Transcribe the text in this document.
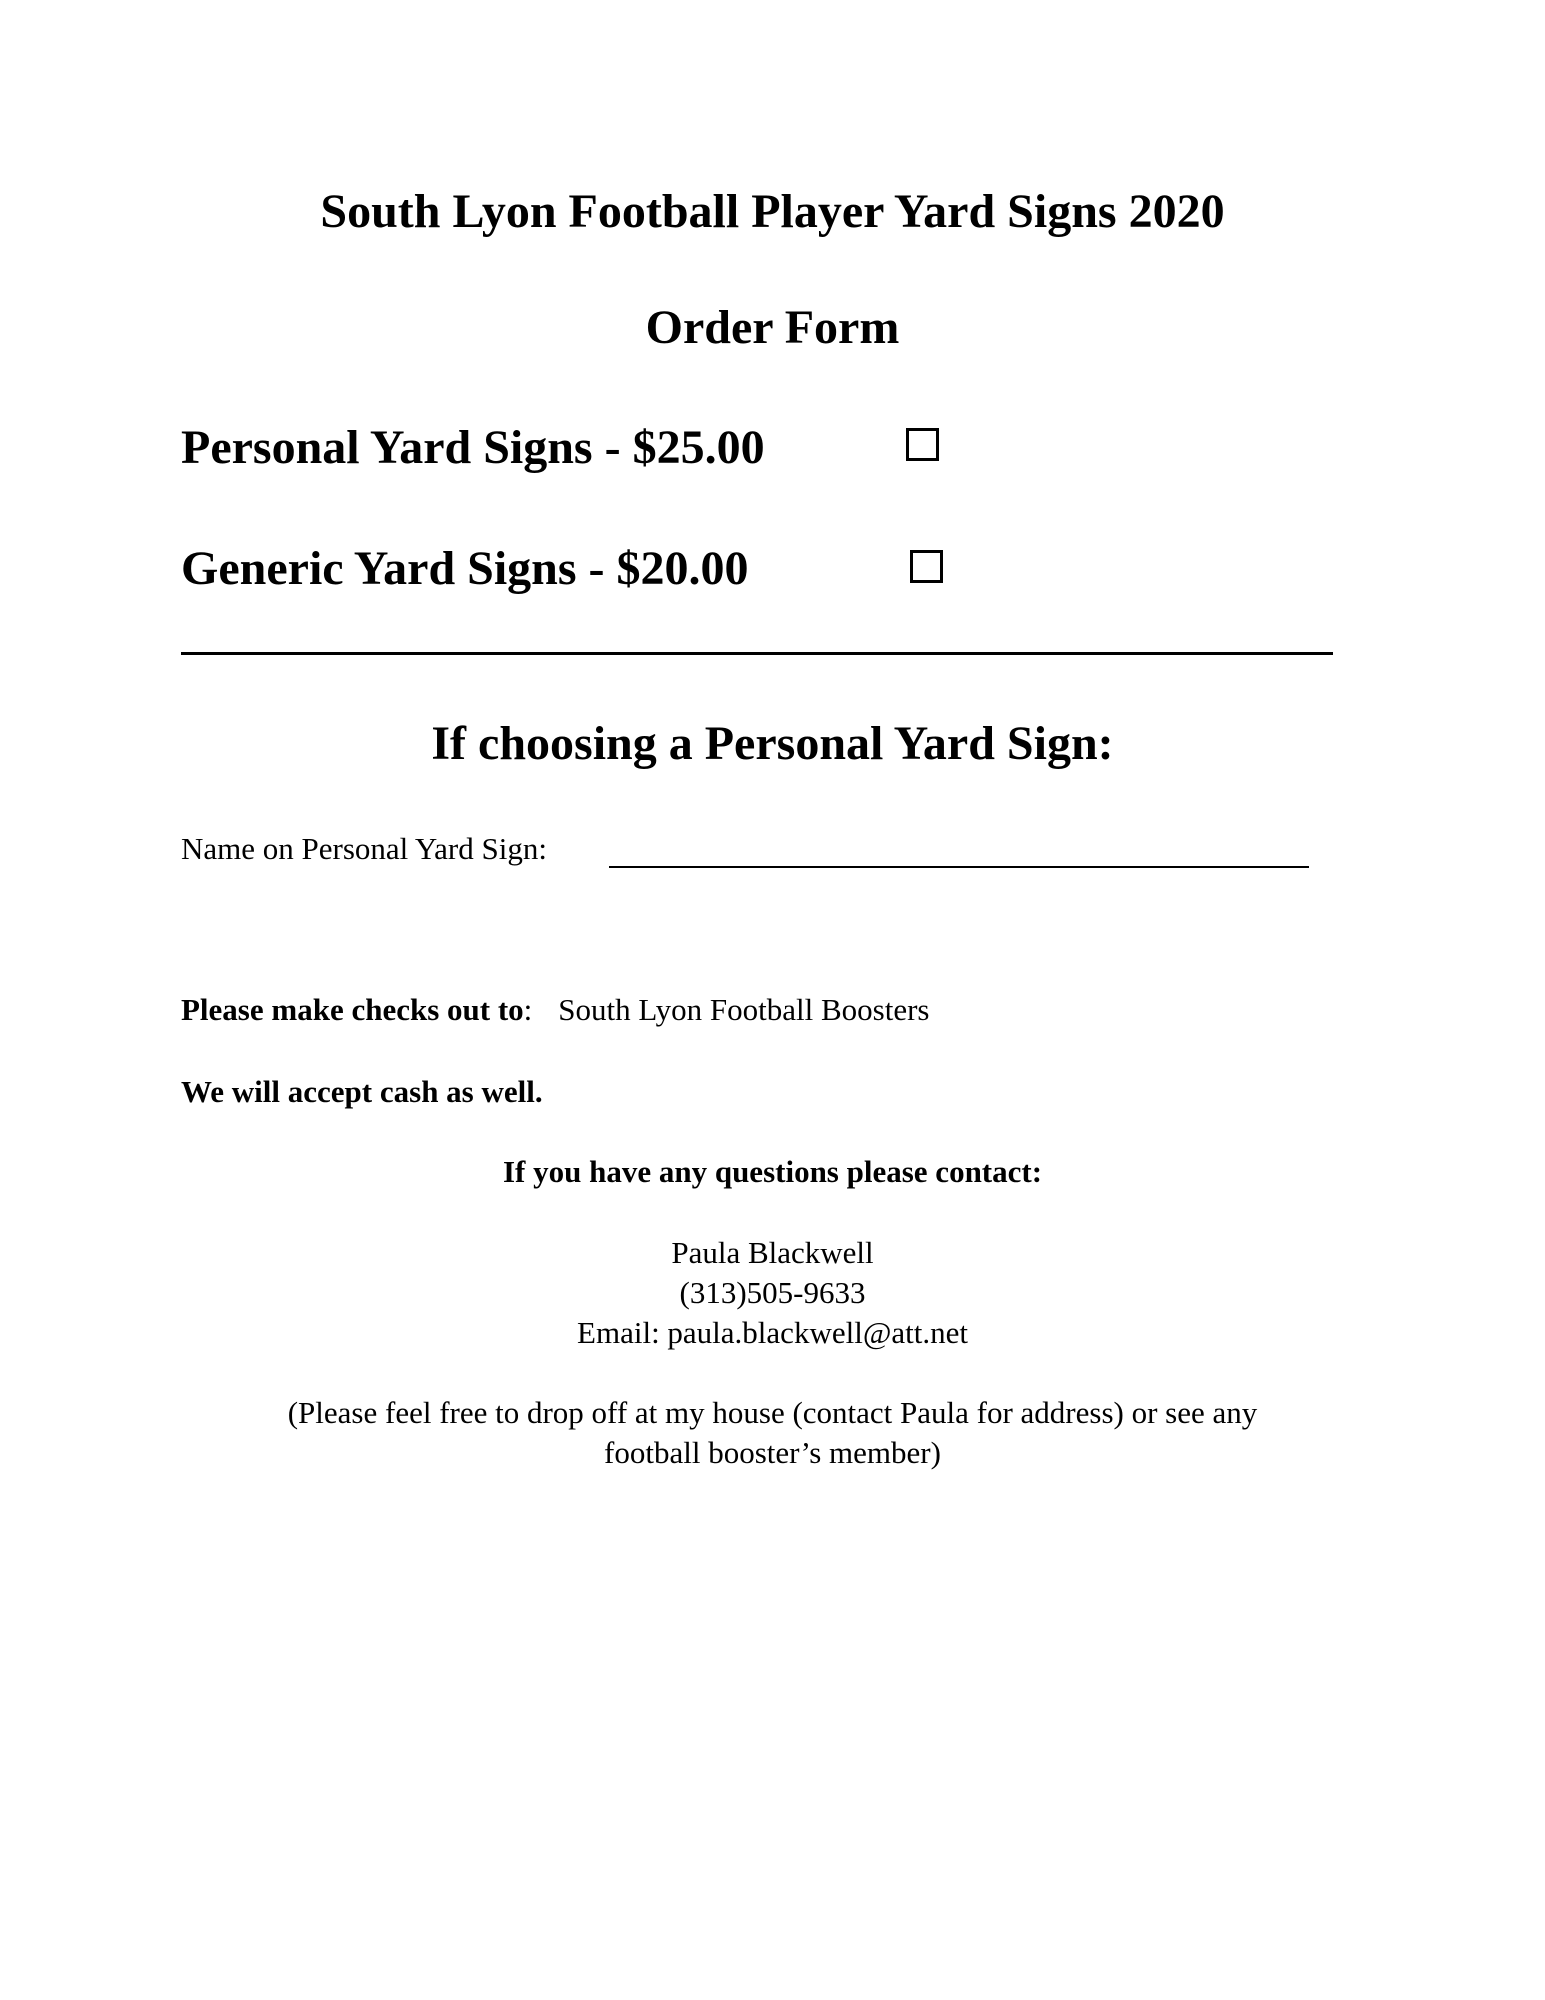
South Lyon Football Player Yard Signs 2020
Order Form
Personal Yard Signs - $25.00
Generic Yard Signs - $20.00
If choosing a Personal Yard Sign:
Name on Personal Yard Sign:
Please make checks out to: South Lyon Football Boosters
We will accept cash as well.
If you have any questions please contact:
Paula Blackwell
(313)505-9633
Email: paula.blackwell@att.net
(Please feel free to drop off at my house (contact Paula for address) or see any
football booster’s member)
